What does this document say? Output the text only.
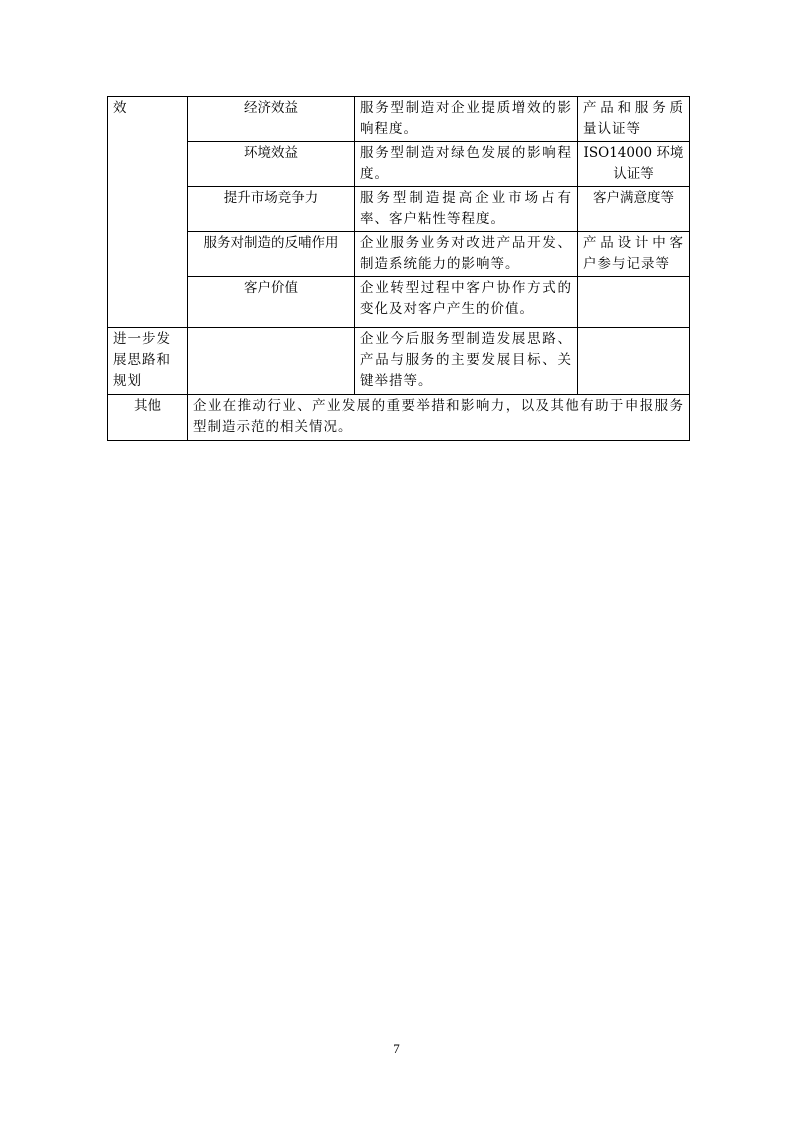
效	经济效益	服务型制造对企业提质增效的影响程度。	产品和服务质量认证等
	环境效益	服务型制造对绿色发展的影响程度。	ISO14000 环境认证等
	提升市场竞争力	服务型制造提高企业市场占有率、客户粘性等程度。	客户满意度等
	服务对制造的反哺作用	企业服务业务对改进产品开发、制造系统能力的影响等。	产品设计中客户参与记录等
	客户价值	企业转型过程中客户协作方式的变化及对客户产生的价值。	
进一步发展思路和规划		企业今后服务型制造发展思路、产品与服务的主要发展目标、关键举措等。	
其他	企业在推动行业、产业发展的重要举措和影响力，以及其他有助于申报服务型制造示范的相关情况。		
7
